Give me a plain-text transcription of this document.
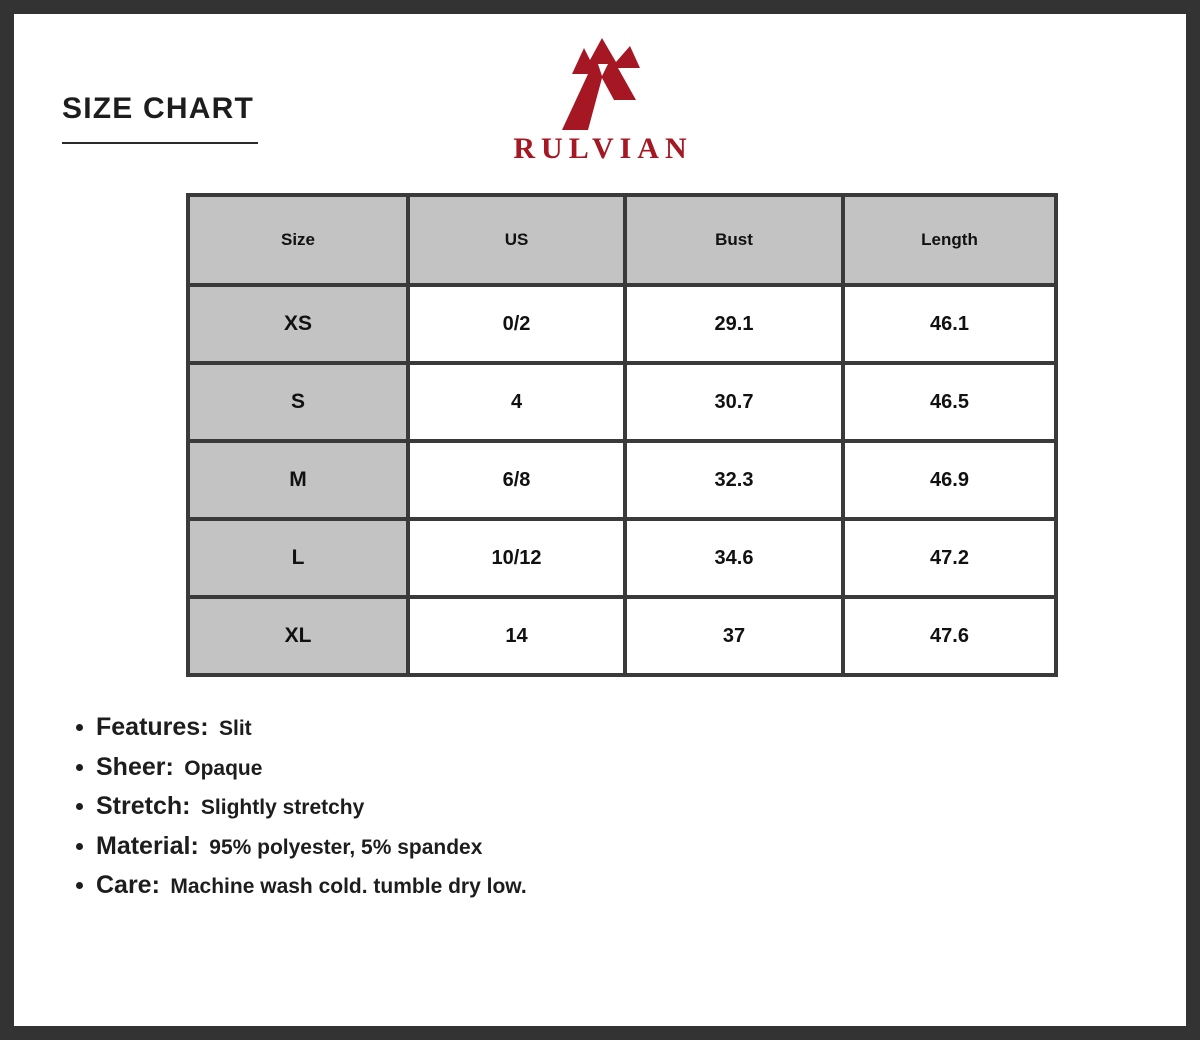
SIZE CHART
RULVIAN
Size	US	Bust	Length
XS	0/2	29.1	46.1
S	4	30.7	46.5
M	6/8	32.3	46.9
L	10/12	34.6	47.2
XL	14	37	47.6
Features: Slit
Sheer: Opaque
Stretch: Slightly stretchy
Material: 95% polyester, 5% spandex
Care: Machine wash cold. tumble dry low.
